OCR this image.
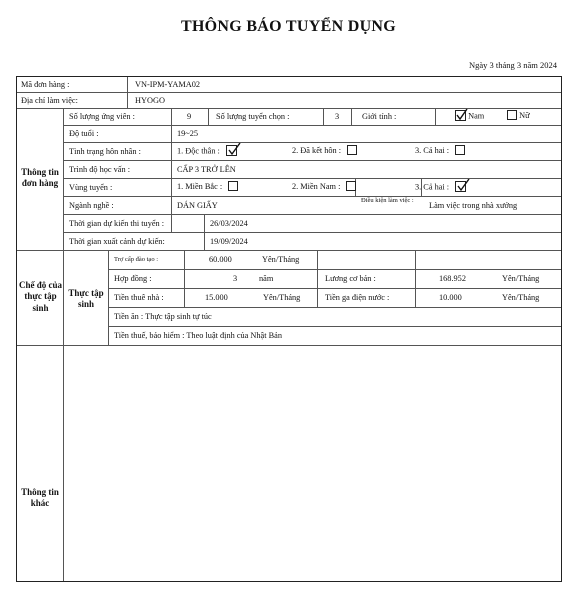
THÔNG BÁO TUYỂN DỤNG
Ngày 3 tháng 3 năm 2024
Mã đơn hàng :	VN-IPM-YAMA02
Địa chỉ làm việc:	HYOGO
Thông tin đơn hàng
Số lượng ứng viên :	9	Số lượng tuyển chọn :	3	Giới tính :	Nam	Nữ
Độ tuổi :	19~25
Tình trạng hôn nhân :	1. Độc thân :	2. Đã kết hôn :	3. Cả hai :
Trình độ học vấn :	CẤP 3 TRỞ LÊN
Vùng tuyển :	1. Miền Bắc :	2. Miền Nam :	3. Cả hai :
Ngành nghề :	DÁN GIẤY
Điều kiện làm việc :
Làm việc trong nhà xưởng
Thời gian dự kiến thi tuyển :	26/03/2024
Thời gian xuất cảnh dự kiến:	19/09/2024
Chế độ của thực tập sinh
Thực tập sinh
Trợ cấp đào tạo :	60.000	Yên/Tháng
Hợp đồng :	3	năm	Lương cơ bản :	168.952	Yên/Tháng
Tiền thuê nhà :	15.000	Yên/Tháng	Tiền ga điện nước :	10.000	Yên/Tháng
Tiền ăn : Thực tập sinh tự túc
Tiền thuế, bảo hiểm : Theo luật định của Nhật Bản
Thông tin khác
